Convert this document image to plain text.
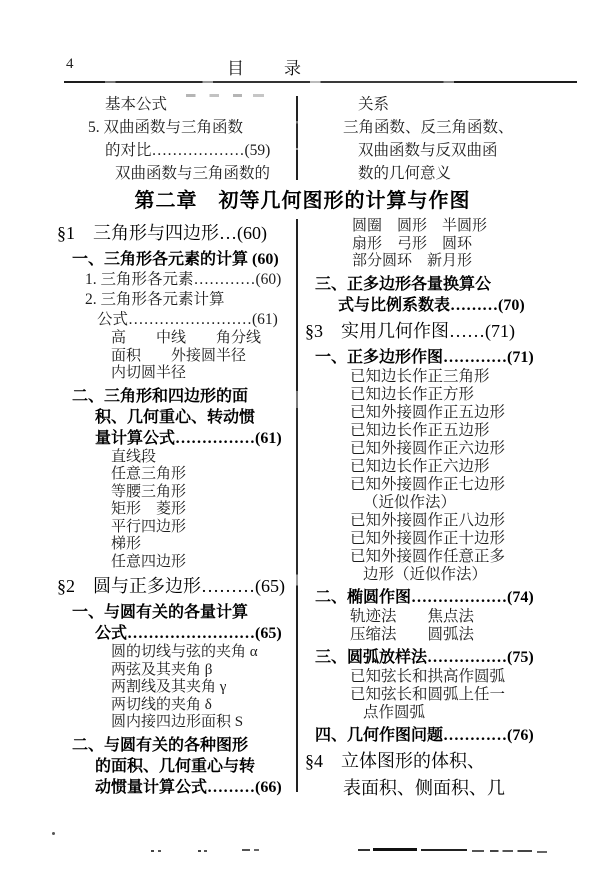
4	目　　录
基本公式
5. 双曲函数与三角函数
的对比………………(59)
双曲函数与三角函数的
关系
三角函数、反三角函数、
双曲函数与反双曲函
数的几何意义
第二章　初等几何图形的计算与作图
§1　三角形与四边形…(60)
一、三角形各元素的计算 (60)
1. 三角形各元素…………(60)
2. 三角形各元素计算
公式……………………(61)
高　　中线　　角分线
面积　　外接圆半径
内切圆半径
二、三角形和四边形的面
积、几何重心、转动惯
量计算公式……………(61)
直线段
任意三角形
等腰三角形
矩形　菱形
平行四边形
梯形
任意四边形
§2　圆与正多边形………(65)
一、与圆有关的各量计算
公式……………………(65)
圆的切线与弦的夹角 α
两弦及其夹角 β
两割线及其夹角 γ
两切线的夹角 δ
圆内接四边形面积 S
二、与圆有关的各种图形
的面积、几何重心与转
动惯量计算公式………(66)
圆圈　圆形　半圆形
扇形　弓形　圆环
部分圆环　新月形
三、正多边形各量换算公
式与比例系数表………(70)
§3　实用几何作图……(71)
一、正多边形作图…………(71)
已知边长作正三角形
已知边长作正方形
已知外接圆作正五边形
已知边长作正五边形
已知外接圆作正六边形
已知边长作正六边形
已知外接圆作正七边形
（近似作法）
已知外接圆作正八边形
已知外接圆作正十边形
已知外接圆作任意正多
边形（近似作法）
二、椭圆作图………………(74)
轨迹法　　焦点法
压缩法　　圆弧法
三、圆弧放样法……………(75)
已知弦长和拱高作圆弧
已知弦长和圆弧上任一
点作圆弧
四、几何作图问题…………(76)
§4　立体图形的体积、
表面积、侧面积、几
